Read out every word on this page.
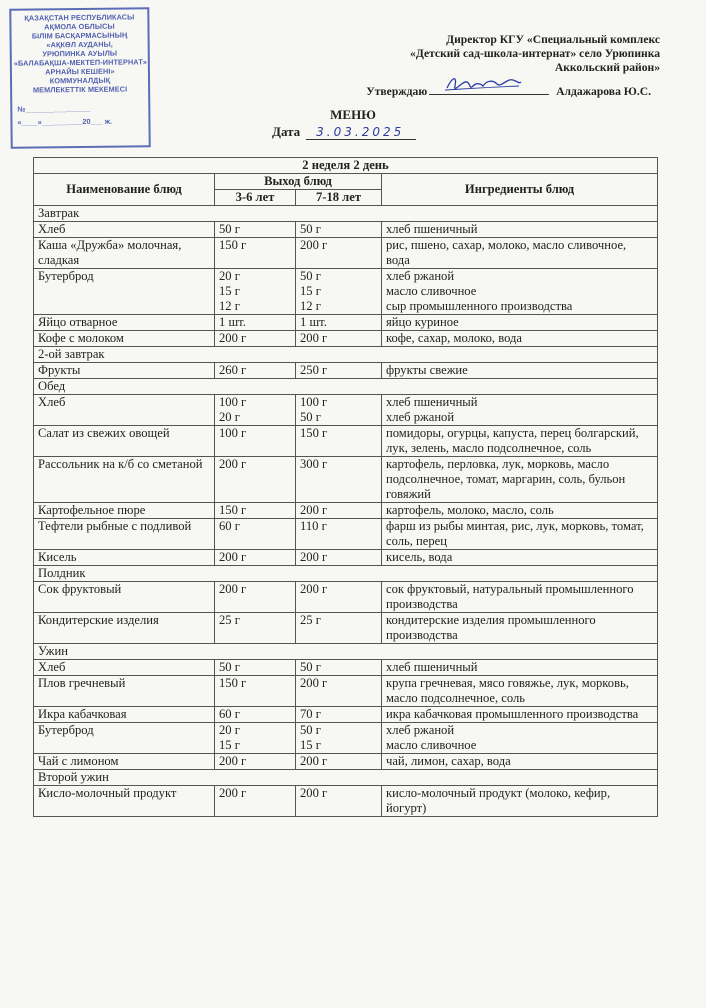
ҚАЗАҚСТАН РЕСПУБЛИКАСЫ
АҚМОЛА ОБЛЫСЫ
БІЛІМ БАСҚАРМАСЫНЫҢ
«АҚКӨЛ АУДАНЫ,
УРЮПИНКА АУЫЛЫ
«БАЛАБАҚША-МЕКТЕП-ИНТЕРНАТ»
АРНАЙЫ КЕШЕНІ»
КОММУНАЛДЫҚ
МЕМЛЕКЕТТІК МЕКЕМЕСІ
№________________
«____»__________20___ ж.
Директор КГУ «Специальный комплекс
«Детский сад-школа-интернат» село Урюпинка
Аккольский район»
Утверждаю	Алдажарова Ю.С.
МЕНЮ
Дата 3.03.2025
2 неделя 2 день			
Наименование блюд	Выход блюд		Ингредиенты блюд
	3-6 лет	7-18 лет	
Завтрак			
Хлеб	50 г	50 г	хлеб пшеничный

Каша «Дружба» молочная, сладкая	150 г	200 г	рис, пшено, сахар, молоко, масло сливочное, вода

Бутерброд	20 г
15 г
12 г	50 г
15 г
12 г	хлеб ржаной
масло сливочное
сыр промышленного производства

Яйцо отварное	1 шт.	1 шт.	яйцо куриное

Кофе с молоком	200 г	200 г	кофе, сахар, молоко, вода

2-ой завтрак			
Фрукты	260 г	250 г	фрукты свежие

Обед			
Хлеб	100 г
20 г	100 г
50 г	хлеб пшеничный
хлеб ржаной

Салат из свежих овощей	100 г	150 г	помидоры, огурцы, капуста, перец болгарский, лук, зелень, масло подсолнечное, соль

Рассольник на к/б со сметаной	200 г	300 г	картофель, перловка, лук, морковь, масло подсолнечное, томат, маргарин, соль, бульон говяжий

Картофельное пюре	150 г	200 г	картофель, молоко, масло, соль

Тефтели рыбные с подливой	60 г	110 г	фарш из рыбы минтая, рис, лук, морковь, томат, соль, перец

Кисель	200 г	200 г	кисель, вода

Полдник			
Сок фруктовый	200 г	200 г	сок фруктовый, натуральный промышленного производства

Кондитерские изделия	25 г	25 г	кондитерские изделия промышленного производства

Ужин			
Хлеб	50 г	50 г	хлеб пшеничный

Плов гречневый	150 г	200 г	крупа гречневая, мясо говяжье, лук, морковь, масло подсолнечное, соль

Икра кабачковая	60 г	70 г	икра кабачковая промышленного производства

Бутерброд	20 г
15 г	50 г
15 г	хлеб ржаной
масло сливочное

Чай с лимоном	200 г	200 г	чай, лимон, сахар, вода

Второй ужин			
Кисло-молочный продукт	200 г	200 г	кисло-молочный продукт (молоко, кефир, йогурт)
